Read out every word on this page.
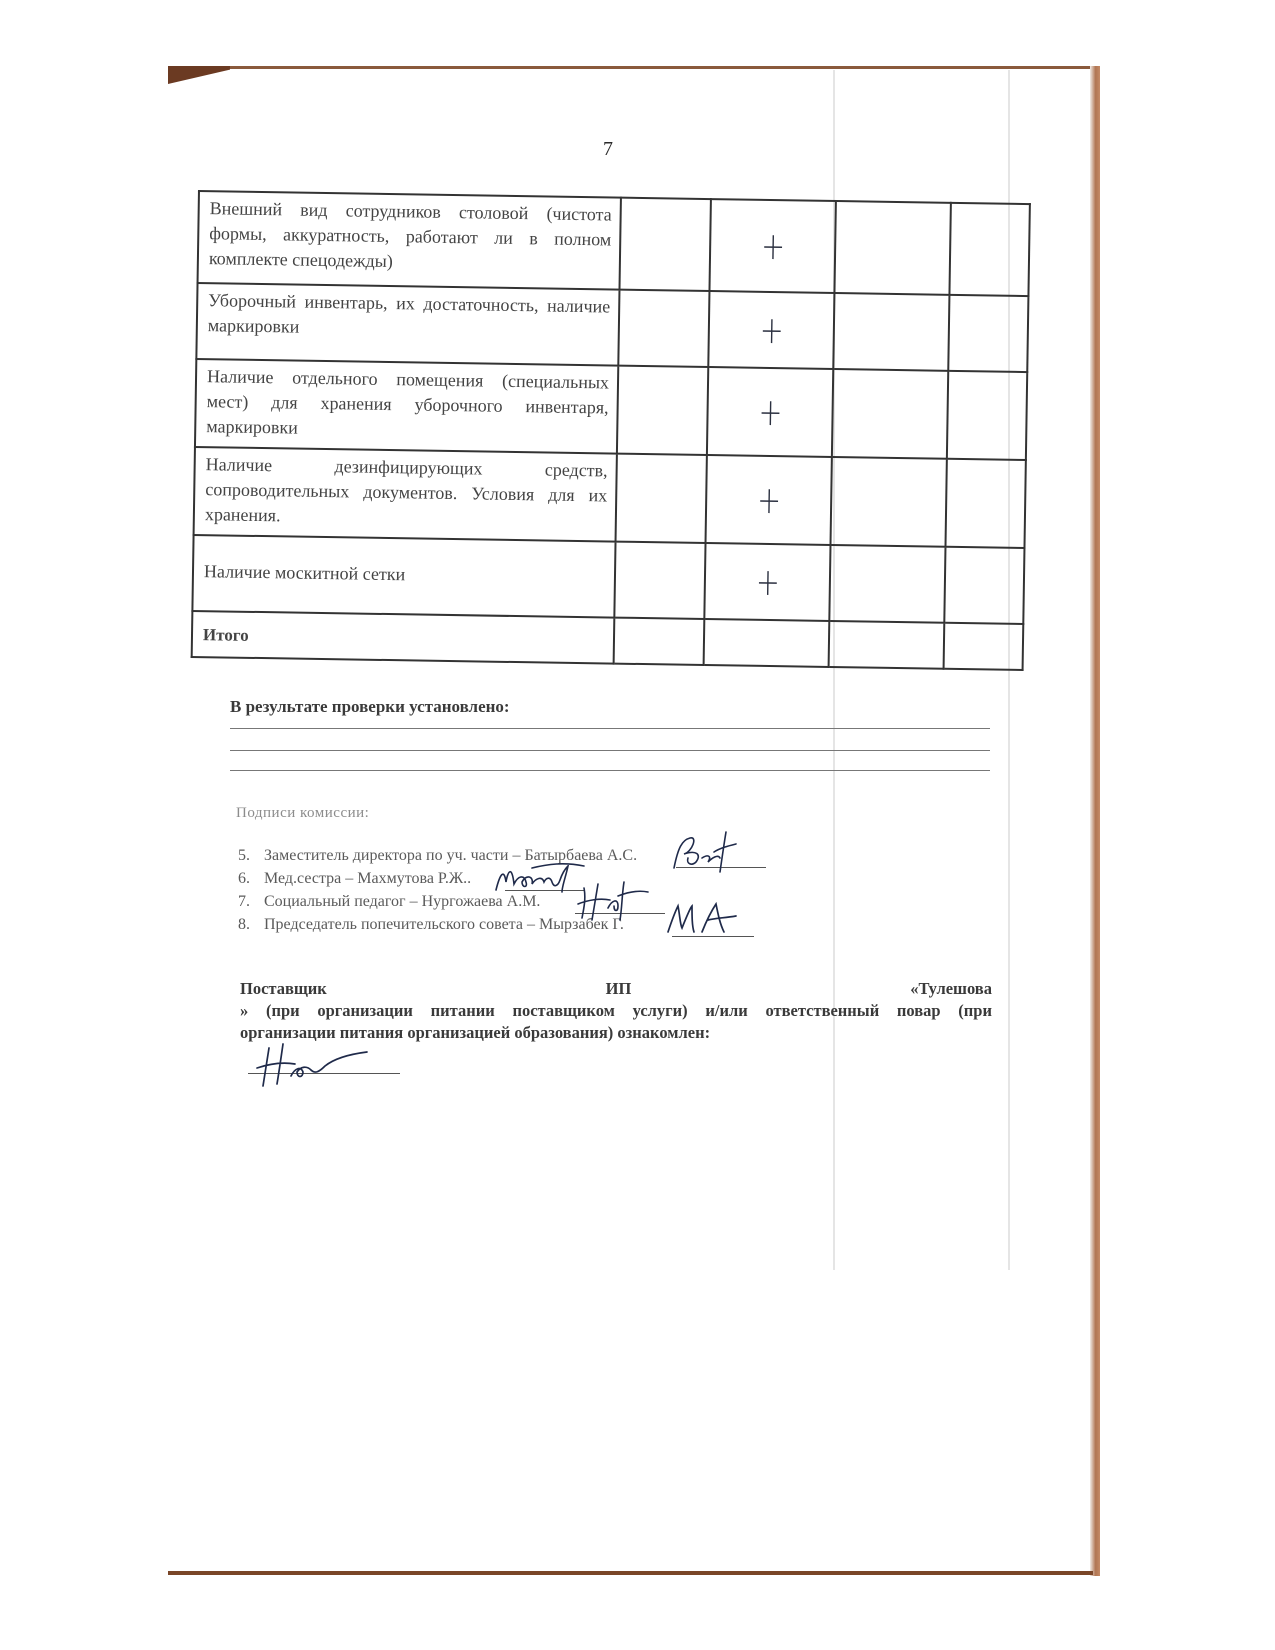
7
Внешний вид сотрудников столовой (чистота формы, аккуратность, работают ли в полном комплекте спецодежды)		+		
Уборочный инвентарь, их достаточность, наличие маркировки		+		
Наличие отдельного помещения (специальных мест) для хранения уборочного инвентаря, маркировки		+		
Наличие дезинфицирующих средств, сопроводительных документов. Условия для их хранения.		+		
Наличие москитной сетки		+		
Итого				
В результате проверки установлено:
Подписи комиссии:
5. Заместитель директора по уч. части – Батырбаева А.С.
6. Мед.сестра – Махмутова Р.Ж..
7. Социальный педагог – Нургожаева А.М.
8. Председатель попечительского совета – Мырзабек Г.
Поставщик	ИП	«Тулешова
» (при организации питании поставщиком услуги) и/или ответственный повар (при
организации питания организацией образования) ознакомлен:
